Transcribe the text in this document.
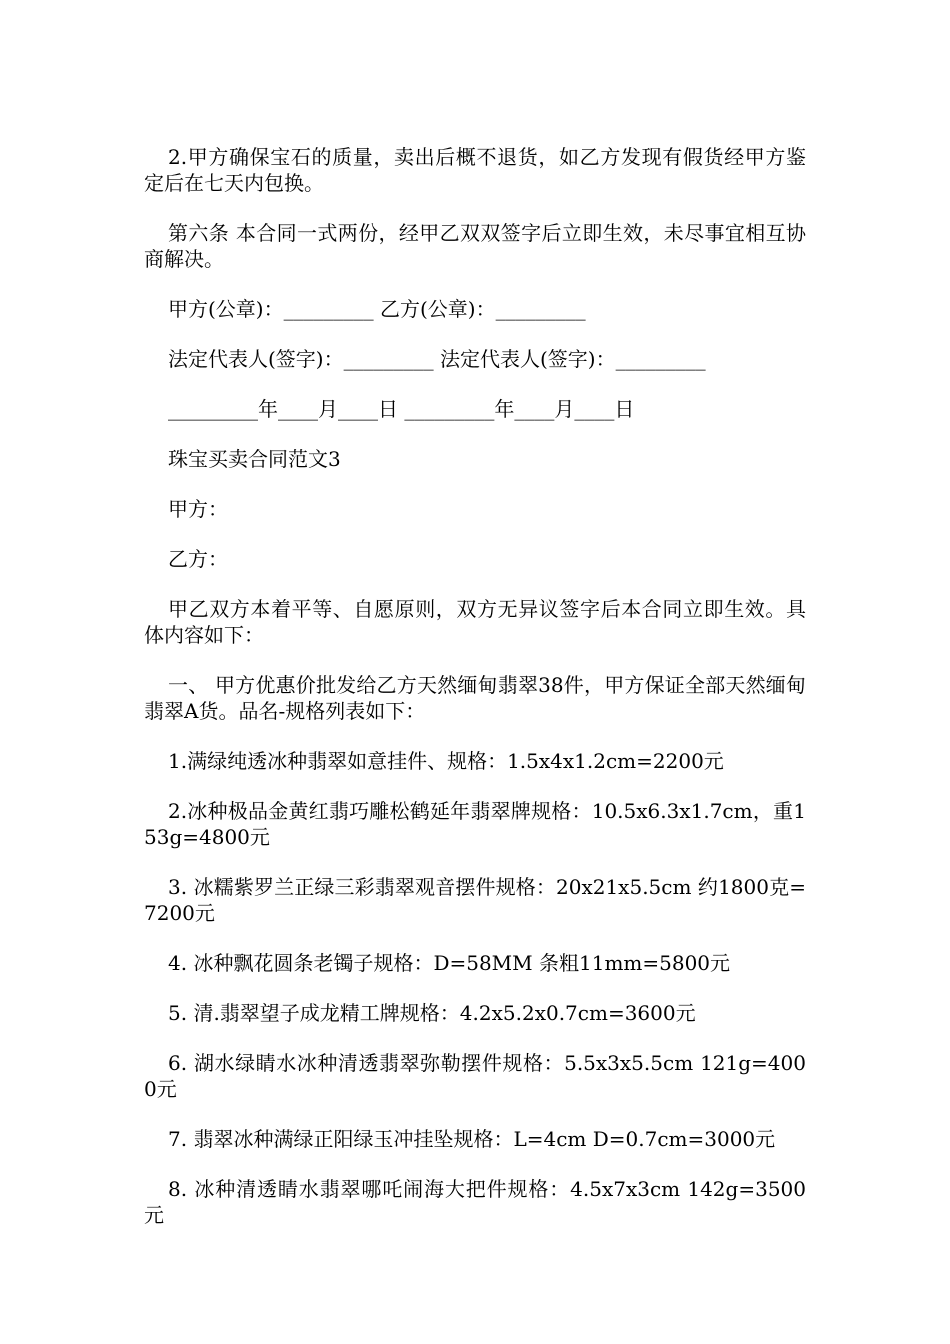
2.甲方确保宝石的质量，卖出后概不退货，如乙方发现有假货经甲方鉴定后在七天内包换。

第六条 本合同一式两份，经甲乙双双签字后立即生效，未尽事宜相互协商解决。

甲方(公章)：_________ 乙方(公章)：_________

法定代表人(签字)：_________ 法定代表人(签字)：_________

_________年____月____日 _________年____月____日

珠宝买卖合同范文3

甲方：

乙方：

甲乙双方本着平等、自愿原则，双方无异议签字后本合同立即生效。具体内容如下：

一、 甲方优惠价批发给乙方天然缅甸翡翠38件，甲方保证全部天然缅甸翡翠A货。品名-规格列表如下：

1.满绿纯透冰种翡翠如意挂件、规格：1.5x4x1.2cm=2200元

2.冰种极品金黄红翡巧雕松鹤延年翡翠牌规格：10.5x6.3x1.7cm，重153g=4800元

3. 冰糯紫罗兰正绿三彩翡翠观音摆件规格：20x21x5.5cm 约1800克=7200元

4. 冰种飘花圆条老镯子规格：D=58MM 条粗11mm=5800元

5. 清.翡翠望子成龙精工牌规格：4.2x5.2x0.7cm=3600元

6. 湖水绿睛水冰种清透翡翠弥勒摆件规格：5.5x3x5.5cm 121g=4000元

7. 翡翠冰种满绿正阳绿玉冲挂坠规格：L=4cm D=0.7cm=3000元

8. 冰种清透睛水翡翠哪吒闹海大把件规格：4.5x7x3cm 142g=3500元
